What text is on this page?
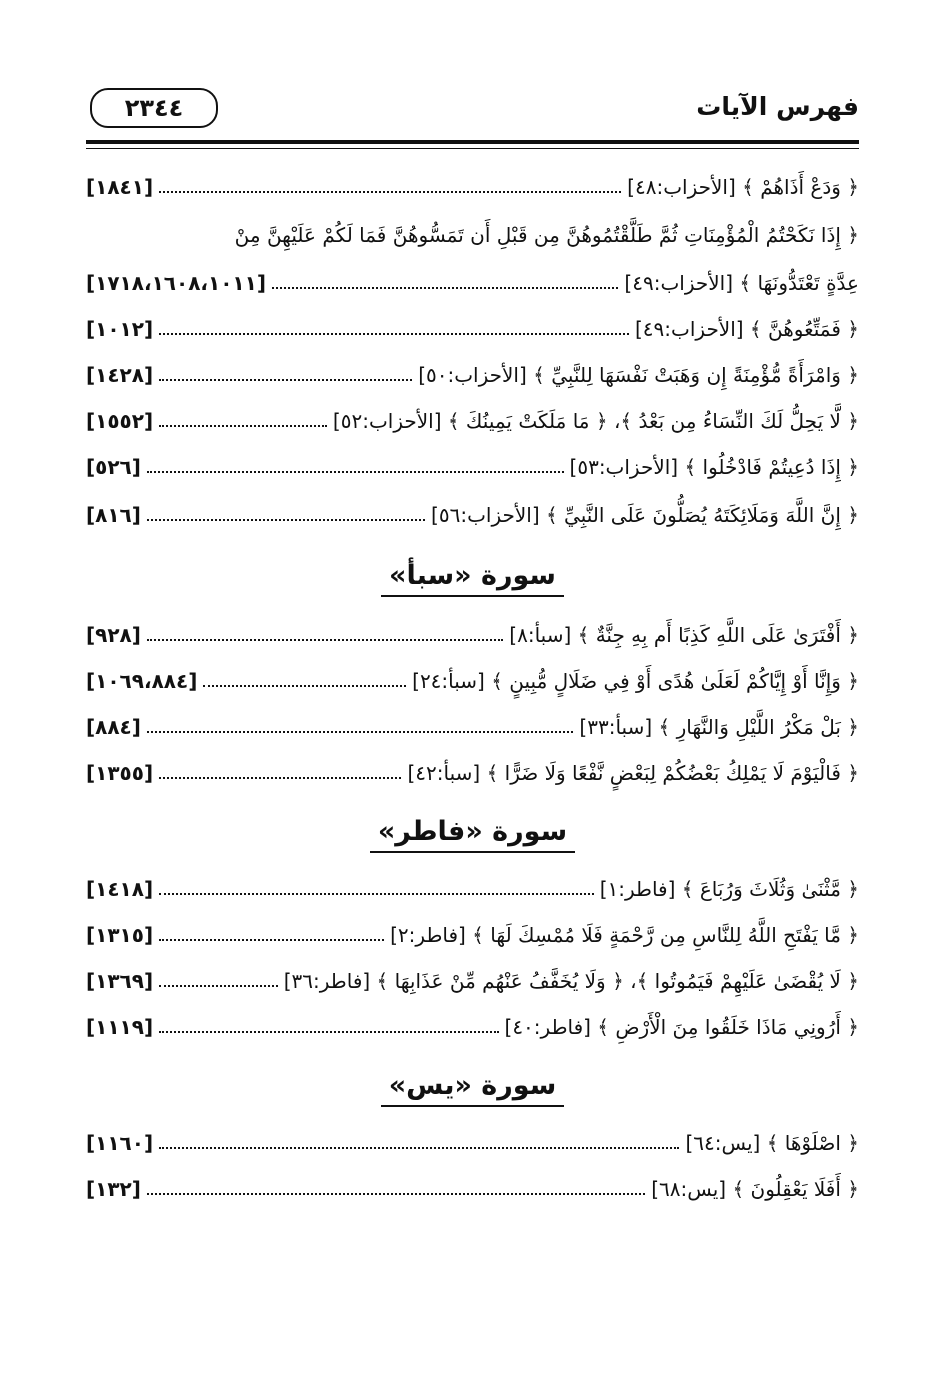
فهرس الآيات
٢٣٤٤
﴿ وَدَعْ أَذَاهُمْ ﴾ [الأحزاب:٤٨]
[١٨٤١]
﴿ إِذَا نَكَحْتُمُ الْمُؤْمِنَاتِ ثُمَّ طَلَّقْتُمُوهُنَّ مِن قَبْلِ أَن تَمَسُّوهُنَّ فَمَا لَكُمْ عَلَيْهِنَّ مِنْ
عِدَّةٍ تَعْتَدُّونَهَا ﴾ [الأحزاب:٤٩]
[١٧١٨،١٦٠٨،١٠١١]
﴿ فَمَتِّعُوهُنَّ ﴾ [الأحزاب:٤٩]
[١٠١٢]
﴿ وَامْرَأَةً مُّؤْمِنَةً إِن وَهَبَتْ نَفْسَهَا لِلنَّبِيِّ ﴾ [الأحزاب:٥٠]
[١٤٢٨]
﴿ لَّا يَحِلُّ لَكَ النِّسَاءُ مِن بَعْدُ ﴾، ﴿ مَا مَلَكَتْ يَمِينُكَ ﴾ [الأحزاب:٥٢]
[١٥٥٢]
﴿ إِذَا دُعِيتُمْ فَادْخُلُوا ﴾ [الأحزاب:٥٣]
[٥٢٦]
﴿ إِنَّ اللَّهَ وَمَلَائِكَتَهُ يُصَلُّونَ عَلَى النَّبِيِّ ﴾ [الأحزاب:٥٦]
[٨١٦]
سورة «سبأ»
﴿ أَفْتَرَىٰ عَلَى اللَّهِ كَذِبًا أَم بِهِ جِنَّةٌ ﴾ [سبأ:٨]
[٩٢٨]
﴿ وَإِنَّا أَوْ إِيَّاكُمْ لَعَلَىٰ هُدًى أَوْ فِي ضَلَالٍ مُّبِينٍ ﴾ [سبأ:٢٤]
[١٠٦٩،٨٨٤]
﴿ بَلْ مَكْرُ اللَّيْلِ وَالنَّهَارِ ﴾ [سبأ:٣٣]
[٨٨٤]
﴿ فَالْيَوْمَ لَا يَمْلِكُ بَعْضُكُمْ لِبَعْضٍ نَّفْعًا وَلَا ضَرًّا ﴾ [سبأ:٤٢]
[١٣٥٥]
سورة «فاطر»
﴿ مَّثْنَىٰ وَثُلَاثَ وَرُبَاعَ ﴾ [فاطر:١]
[١٤١٨]
﴿ مَّا يَفْتَحِ اللَّهُ لِلنَّاسِ مِن رَّحْمَةٍ فَلَا مُمْسِكَ لَهَا ﴾ [فاطر:٢]
[١٣١٥]
﴿ لَا يُقْضَىٰ عَلَيْهِمْ فَيَمُوتُوا ﴾، ﴿ وَلَا يُخَفَّفُ عَنْهُم مِّنْ عَذَابِهَا ﴾ [فاطر:٣٦]
[١٣٦٩]
﴿ أَرُونِي مَاذَا خَلَقُوا مِنَ الْأَرْضِ ﴾ [فاطر:٤٠]
[١١١٩]
سورة «يس»
﴿ اصْلَوْهَا ﴾ [يس:٦٤]
[١١٦٠]
﴿ أَفَلَا يَعْقِلُونَ ﴾ [يس:٦٨]
[١٣٢]
